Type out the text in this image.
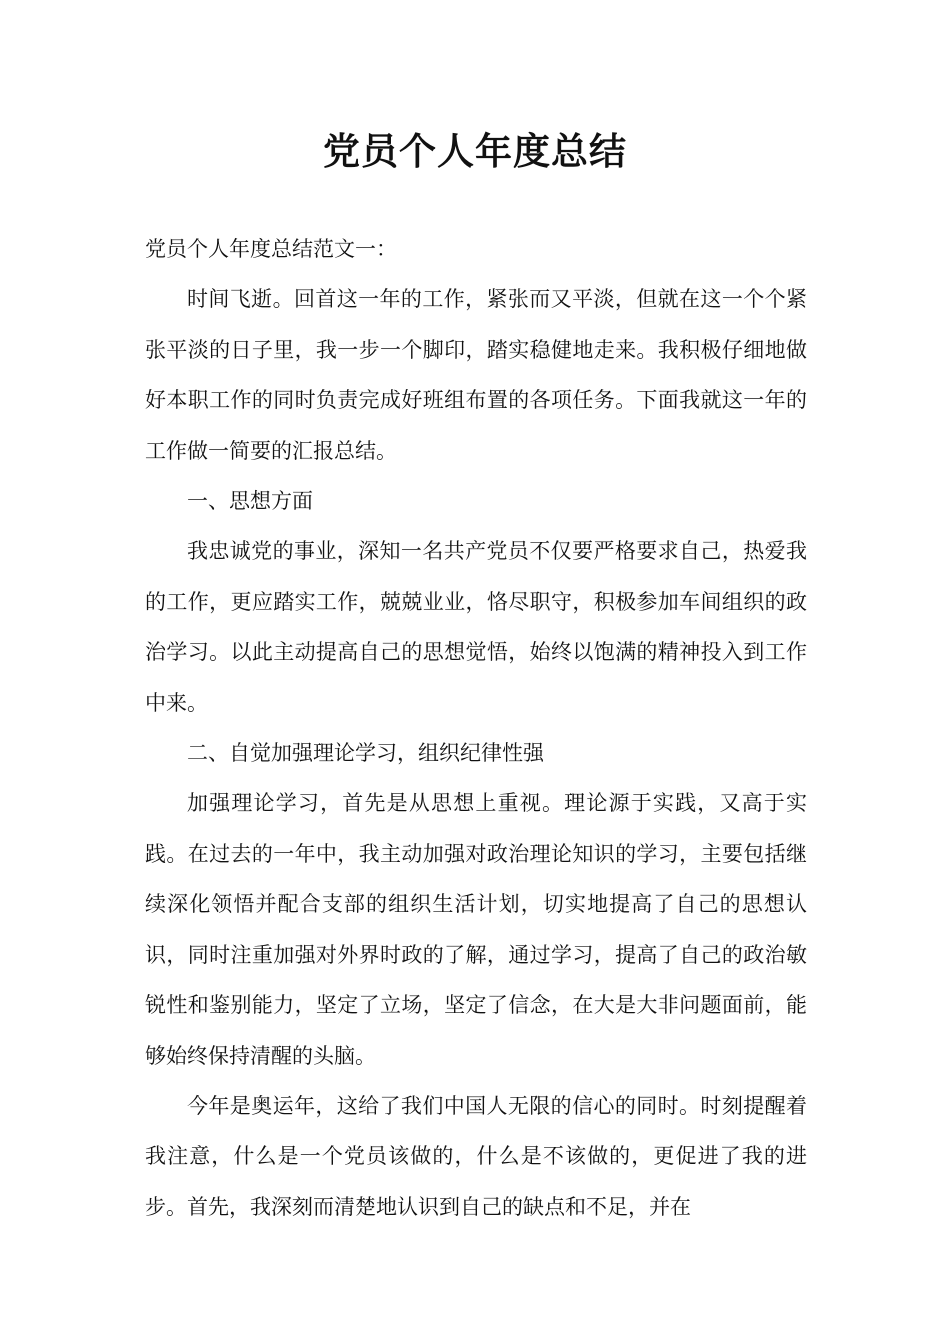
党员个人年度总结

党员个人年度总结范文一：

时间飞逝。回首这一年的工作，紧张而又平淡，但就在这一个个紧张平淡的日子里，我一步一个脚印，踏实稳健地走来。我积极仔细地做好本职工作的同时负责完成好班组布置的各项任务。下面我就这一年的工作做一简要的汇报总结。

一、思想方面

我忠诚党的事业，深知一名共产党员不仅要严格要求自己，热爱我的工作，更应踏实工作，兢兢业业，恪尽职守，积极参加车间组织的政治学习。以此主动提高自己的思想觉悟，始终以饱满的精神投入到工作中来。

二、自觉加强理论学习，组织纪律性强

加强理论学习，首先是从思想上重视。理论源于实践，又高于实践。在过去的一年中，我主动加强对政治理论知识的学习，主要包括继续深化领悟并配合支部的组织生活计划，切实地提高了自己的思想认识，同时注重加强对外界时政的了解，通过学习，提高了自己的政治敏锐性和鉴别能力，坚定了立场，坚定了信念，在大是大非问题面前，能够始终保持清醒的头脑。

今年是奥运年，这给了我们中国人无限的信心的同时。时刻提醒着我注意，什么是一个党员该做的，什么是不该做的，更促进了我的进步。首先，我深刻而清楚地认识到自己的缺点和不足，并在
